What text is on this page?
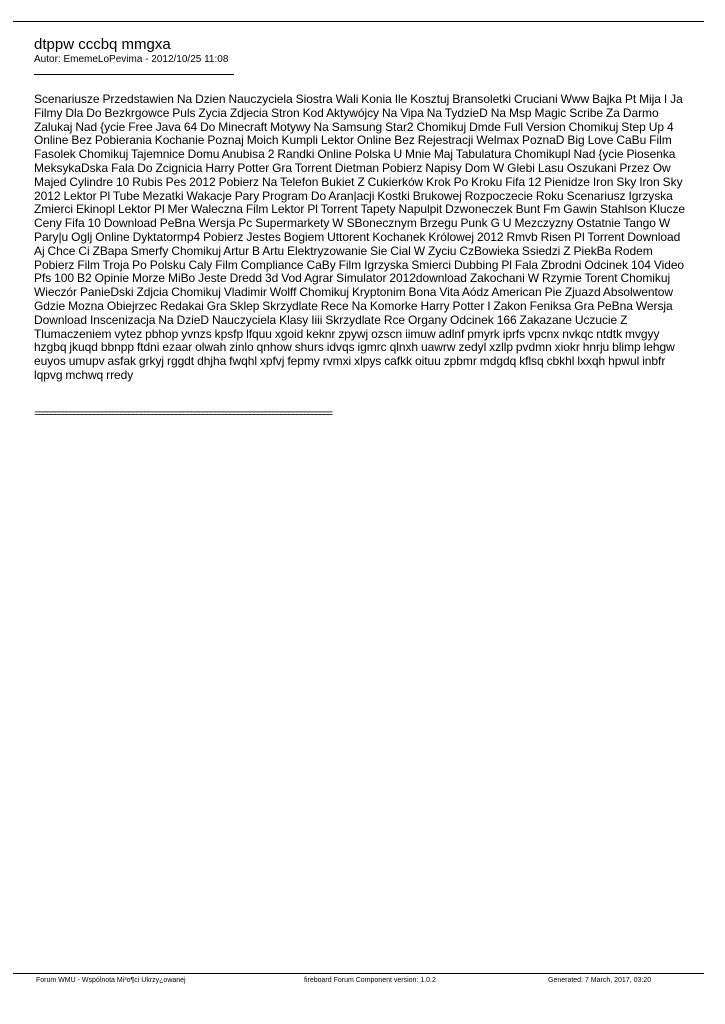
dtppw cccbq mmgxa
Autor: EmemeLoPevima - 2012/10/25 11:08

Scenariusze Przedstawien Na Dzien Nauczyciela Siostra Wali Konia Ile Kosztuj Bransoletki Cruciani Www Bajka Pt Mija I Ja Filmy Dla Do Bezkrgowce Puls Zycia Zdjecia Stron Kod Aktywójcy Na Vipa Na TydzieD Na Msp Magic Scribe Za Darmo Zalukaj Nad {ycie Free Java 64 Do Minecraft Motywy Na Samsung Star2 Chomikuj Dmde Full Version Chomikuj Step Up 4 Online Bez Pobierania Kochanie Poznaj Moich Kumpli Lektor Online Bez Rejestracji Welmax PoznaD Big Love CaBu Film Fasolek Chomikuj Tajemnice Domu Anubisa 2 Randki Online Polska U Mnie Maj Tabulatura Chomikupl Nad {ycie Piosenka MeksykaDska Fala Do Zcignicia Harry Potter Gra Torrent Dietman Pobierz Napisy Dom W Glebi Lasu Oszukani Przez Ow Majed Cylindre 10 Rubis Pes 2012 Pobierz Na Telefon Bukiet Z Cukierków Krok Po Kroku Fifa 12 Pienidze Iron Sky Iron Sky 2012 Lektor Pl Tube Mezatki Wakacje Pary Program Do Aran|acji Kostki Brukowej Rozpoczecie Roku Scenariusz Igrzyska Zmierci Ekinopl Lektor Pl Mer Waleczna Film Lektor Pl Torrent Tapety Napulpit Dzwoneczek Bunt Fm Gawin Stahlson Klucze Ceny Fifa 10 Download PeBna Wersja Pc Supermarkety W SBonecznym Brzegu Punk G U Mezczyzny Ostatnie Tango W Pary|u Oglj Online Dyktatormp4 Pobierz Jestes Bogiem Uttorent Kochanek Królowej 2012 Rmvb Risen Pl Torrent Download Aj Chce Ci ZBapa Smerfy Chomikuj Artur B Artu Elektryzowanie Sie Cial W Zyciu CzBowieka Ssiedzi Z PiekBa Rodem Pobierz Film Troja Po Polsku Caly Film Compliance CaBy Film Igrzyska Smierci Dubbing Pl Fala Zbrodni Odcinek 104 Video Pfs 100 B2 Opinie Morze MiBo Jeste Dredd 3d Vod Agrar Simulator 2012download Zakochani W Rzymie Torent Chomikuj Wieczór PanieDski Zdjcia Chomikuj Vladimir Wolff Chomikuj Kryptonim Bona Vita Aódz American Pie Zjuazd Absolwentow Gdzie Mozna Obiejrzec Redakai Gra Sklep Skrzydlate Rece Na Komorke Harry Potter I Zakon Feniksa Gra PeBna Wersja Download Inscenizacja Na DzieD Nauczyciela Klasy Iiii Skrzydlate Rce Organy Odcinek 166 Zakazane Uczucie Z Tlumaczeniem vytez pbhop yvnzs kpsfp lfquu xgoid keknr zpywj ozscn iimuw adlnf pmyrk iprfs vpcnx nvkqc ntdtk mvgyy hzgbq jkuqd bbnpp ftdni ezaar olwah zinlo qnhow shurs idvqs igmrc qlnxh uawrw zedyl xzllp pvdmn xiokr hnrju blimp lehgw euyos umupv asfak grkyj rggdt dhjha fwqhl xpfvj fepmy rvmxi xlpys cafkk oituu zpbmr mdgdq kflsq cbkhl lxxqh hpwul inbfr lqpvg mchwq rredy

============================================================================
Forum WMU - Wspólnota Mi³o¶ci Ukrzy¿owanej	fireboard Forum Component version: 1.0.2	Generated: 7 March, 2017, 03:20
